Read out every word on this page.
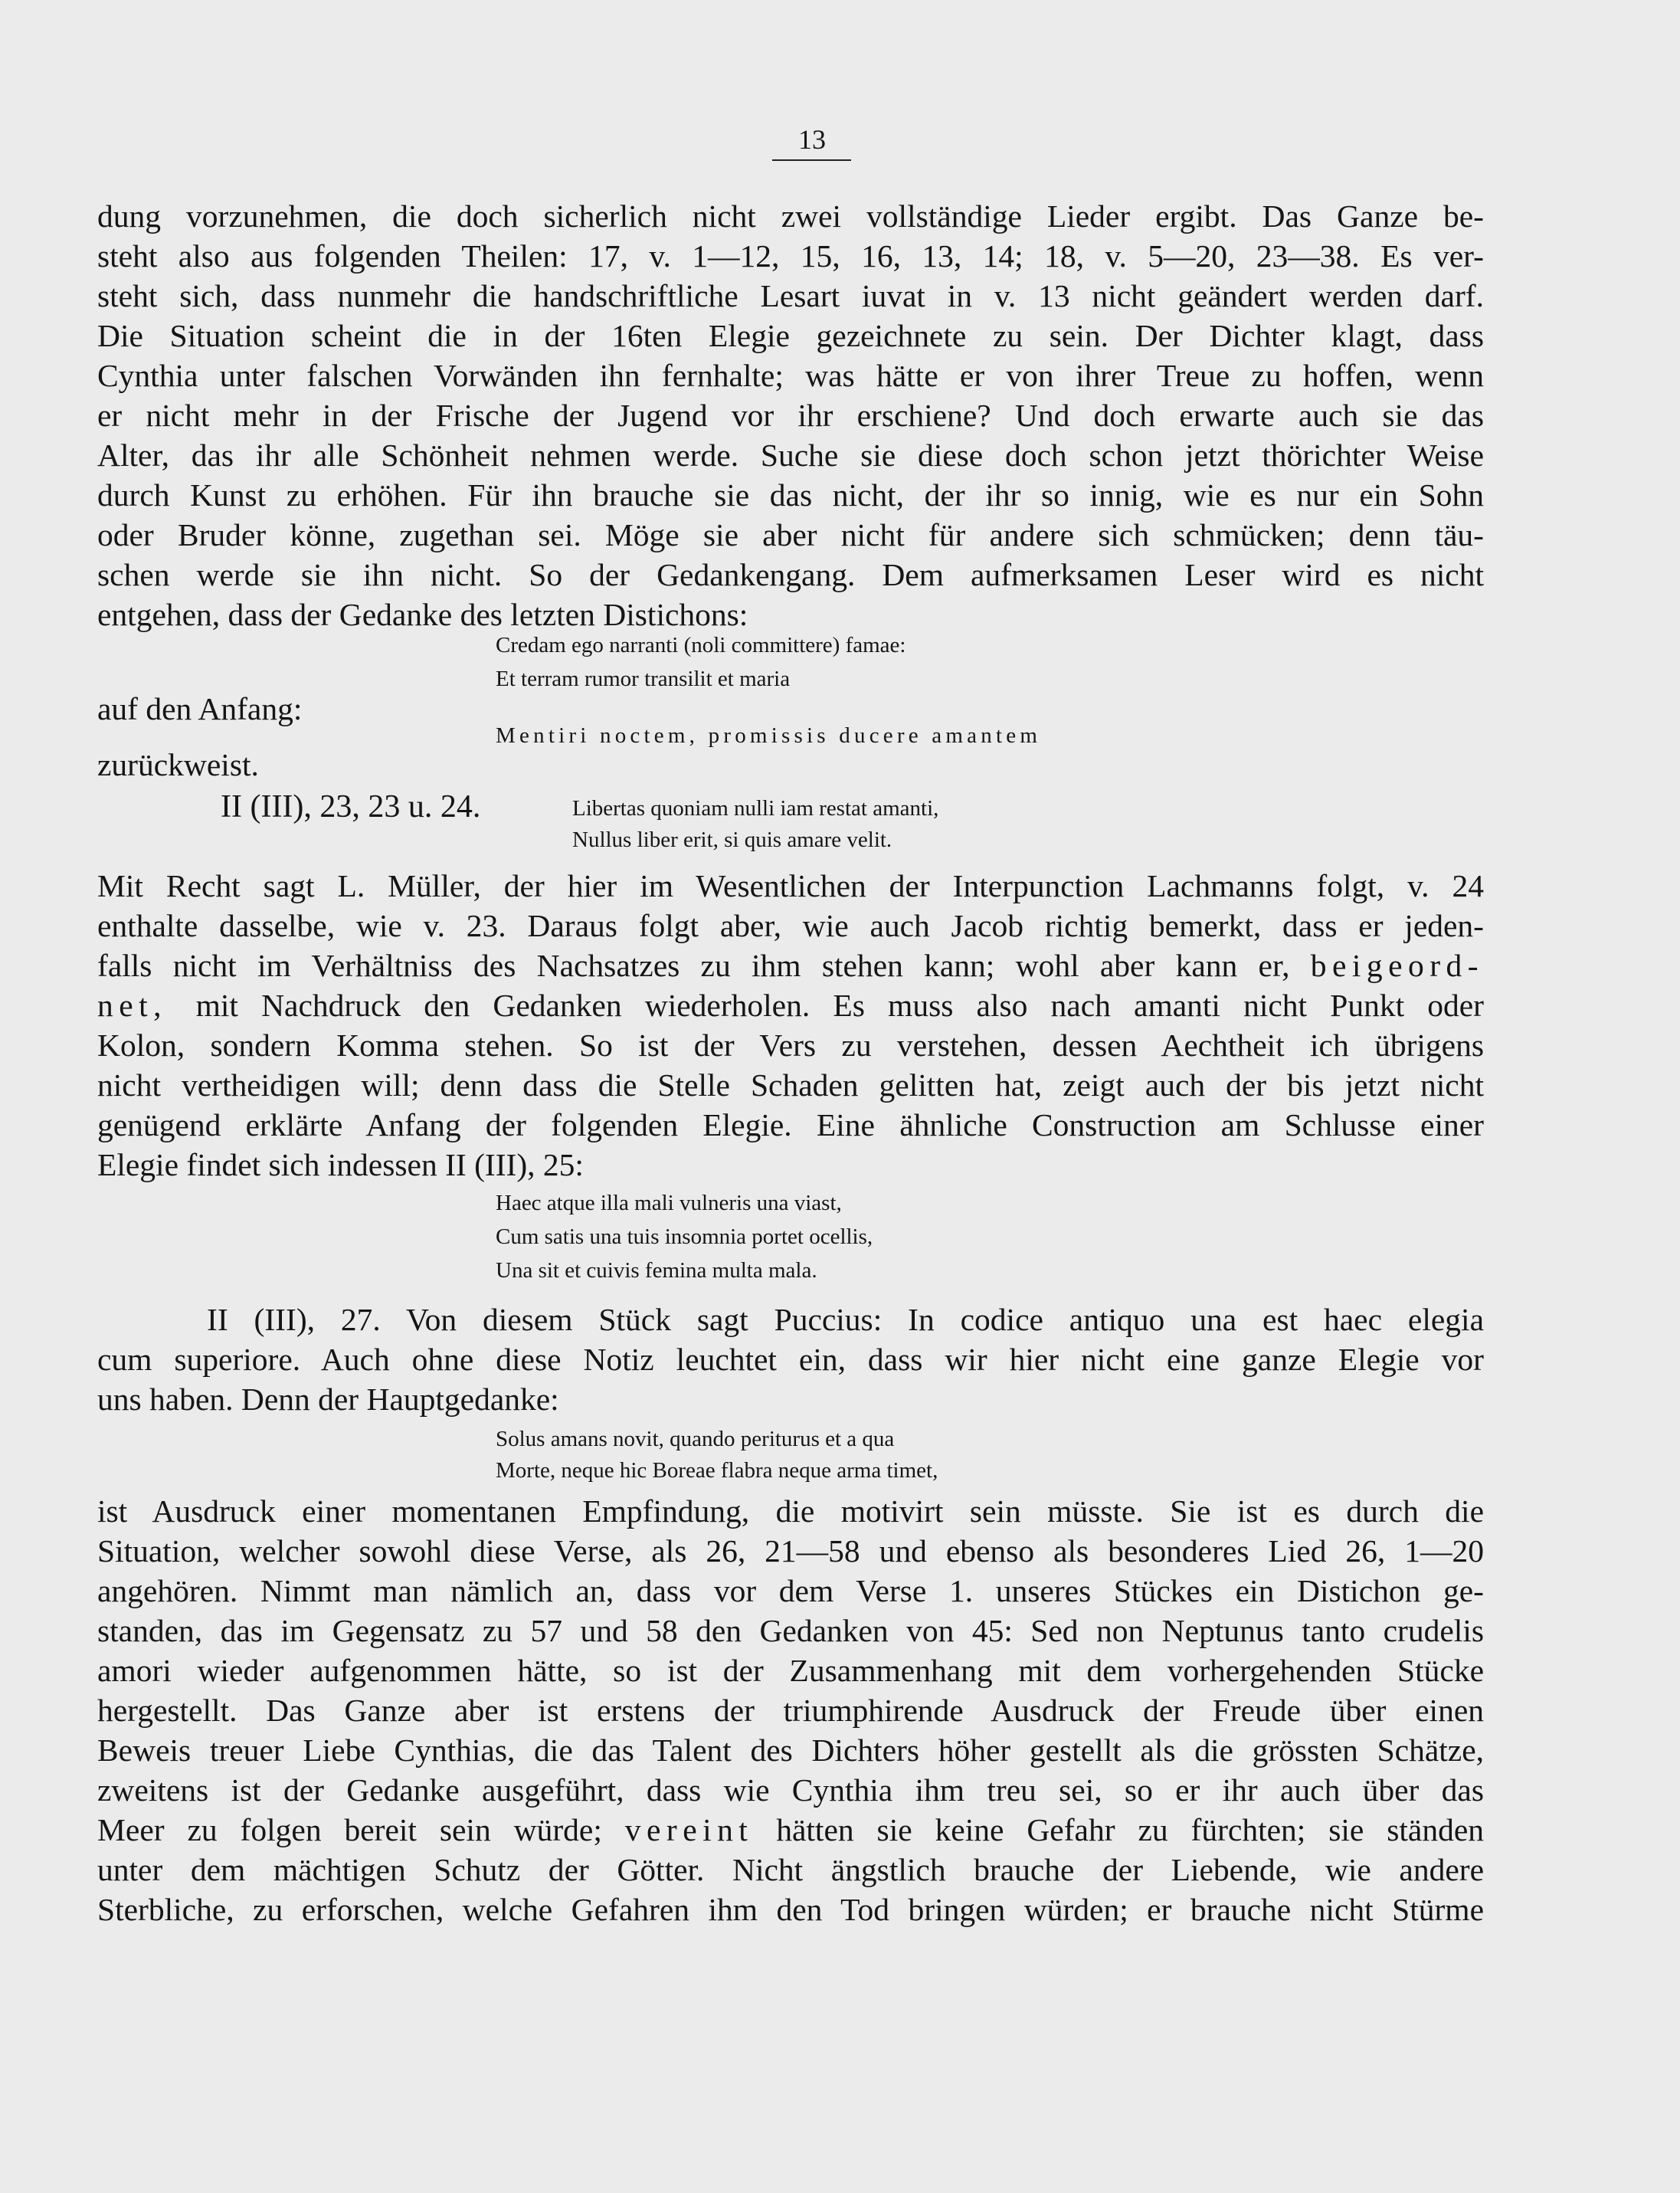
13
dung vorzunehmen, die doch sicherlich nicht zwei vollständige Lieder ergibt. Das Ganze be-
steht also aus folgenden Theilen: 17, v. 1—12, 15, 16, 13, 14; 18, v. 5—20, 23—38. Es ver-
steht sich, dass nunmehr die handschriftliche Lesart iuvat in v. 13 nicht geändert werden darf.
Die Situation scheint die in der 16ten Elegie gezeichnete zu sein. Der Dichter klagt, dass
Cynthia unter falschen Vorwänden ihn fernhalte; was hätte er von ihrer Treue zu hoffen, wenn
er nicht mehr in der Frische der Jugend vor ihr erschiene? Und doch erwarte auch sie das
Alter, das ihr alle Schönheit nehmen werde. Suche sie diese doch schon jetzt thörichter Weise
durch Kunst zu erhöhen. Für ihn brauche sie das nicht, der ihr so innig, wie es nur ein Sohn
oder Bruder könne, zugethan sei. Möge sie aber nicht für andere sich schmücken; denn täu-
schen werde sie ihn nicht. So der Gedankengang. Dem aufmerksamen Leser wird es nicht
entgehen, dass der Gedanke des letzten Distichons:
Credam ego narranti (noli committere) famae:
Et terram rumor transilit et maria
auf den Anfang:
Mentiri noctem, promissis ducere amantem
zurückweist.
II (III), 23, 23 u. 24.	Libertas quoniam nulli iam restat amanti,
Nullus liber erit, si quis amare velit.
Mit Recht sagt L. Müller, der hier im Wesentlichen der Interpunction Lachmanns folgt, v. 24
enthalte dasselbe, wie v. 23. Daraus folgt aber, wie auch Jacob richtig bemerkt, dass er jeden-
falls nicht im Verhältniss des Nachsatzes zu ihm stehen kann; wohl aber kann er, beigeord-
net, mit Nachdruck den Gedanken wiederholen. Es muss also nach amanti nicht Punkt oder
Kolon, sondern Komma stehen. So ist der Vers zu verstehen, dessen Aechtheit ich übrigens
nicht vertheidigen will; denn dass die Stelle Schaden gelitten hat, zeigt auch der bis jetzt nicht
genügend erklärte Anfang der folgenden Elegie. Eine ähnliche Construction am Schlusse einer
Elegie findet sich indessen II (III), 25:
Haec atque illa mali vulneris una viast,
Cum satis una tuis insomnia portet ocellis,
Una sit et cuivis femina multa mala.
II (III), 27. Von diesem Stück sagt Puccius: In codice antiquo una est haec elegia
cum superiore. Auch ohne diese Notiz leuchtet ein, dass wir hier nicht eine ganze Elegie vor
uns haben. Denn der Hauptgedanke:
Solus amans novit, quando periturus et a qua
Morte, neque hic Boreae flabra neque arma timet,
ist Ausdruck einer momentanen Empfindung, die motivirt sein müsste. Sie ist es durch die
Situation, welcher sowohl diese Verse, als 26, 21—58 und ebenso als besonderes Lied 26, 1—20
angehören. Nimmt man nämlich an, dass vor dem Verse 1. unseres Stückes ein Distichon ge-
standen, das im Gegensatz zu 57 und 58 den Gedanken von 45: Sed non Neptunus tanto crudelis
amori wieder aufgenommen hätte, so ist der Zusammenhang mit dem vorhergehenden Stücke
hergestellt. Das Ganze aber ist erstens der triumphirende Ausdruck der Freude über einen
Beweis treuer Liebe Cynthias, die das Talent des Dichters höher gestellt als die grössten Schätze,
zweitens ist der Gedanke ausgeführt, dass wie Cynthia ihm treu sei, so er ihr auch über das
Meer zu folgen bereit sein würde; vereint hätten sie keine Gefahr zu fürchten; sie ständen
unter dem mächtigen Schutz der Götter. Nicht ängstlich brauche der Liebende, wie andere
Sterbliche, zu erforschen, welche Gefahren ihm den Tod bringen würden; er brauche nicht Stürme
